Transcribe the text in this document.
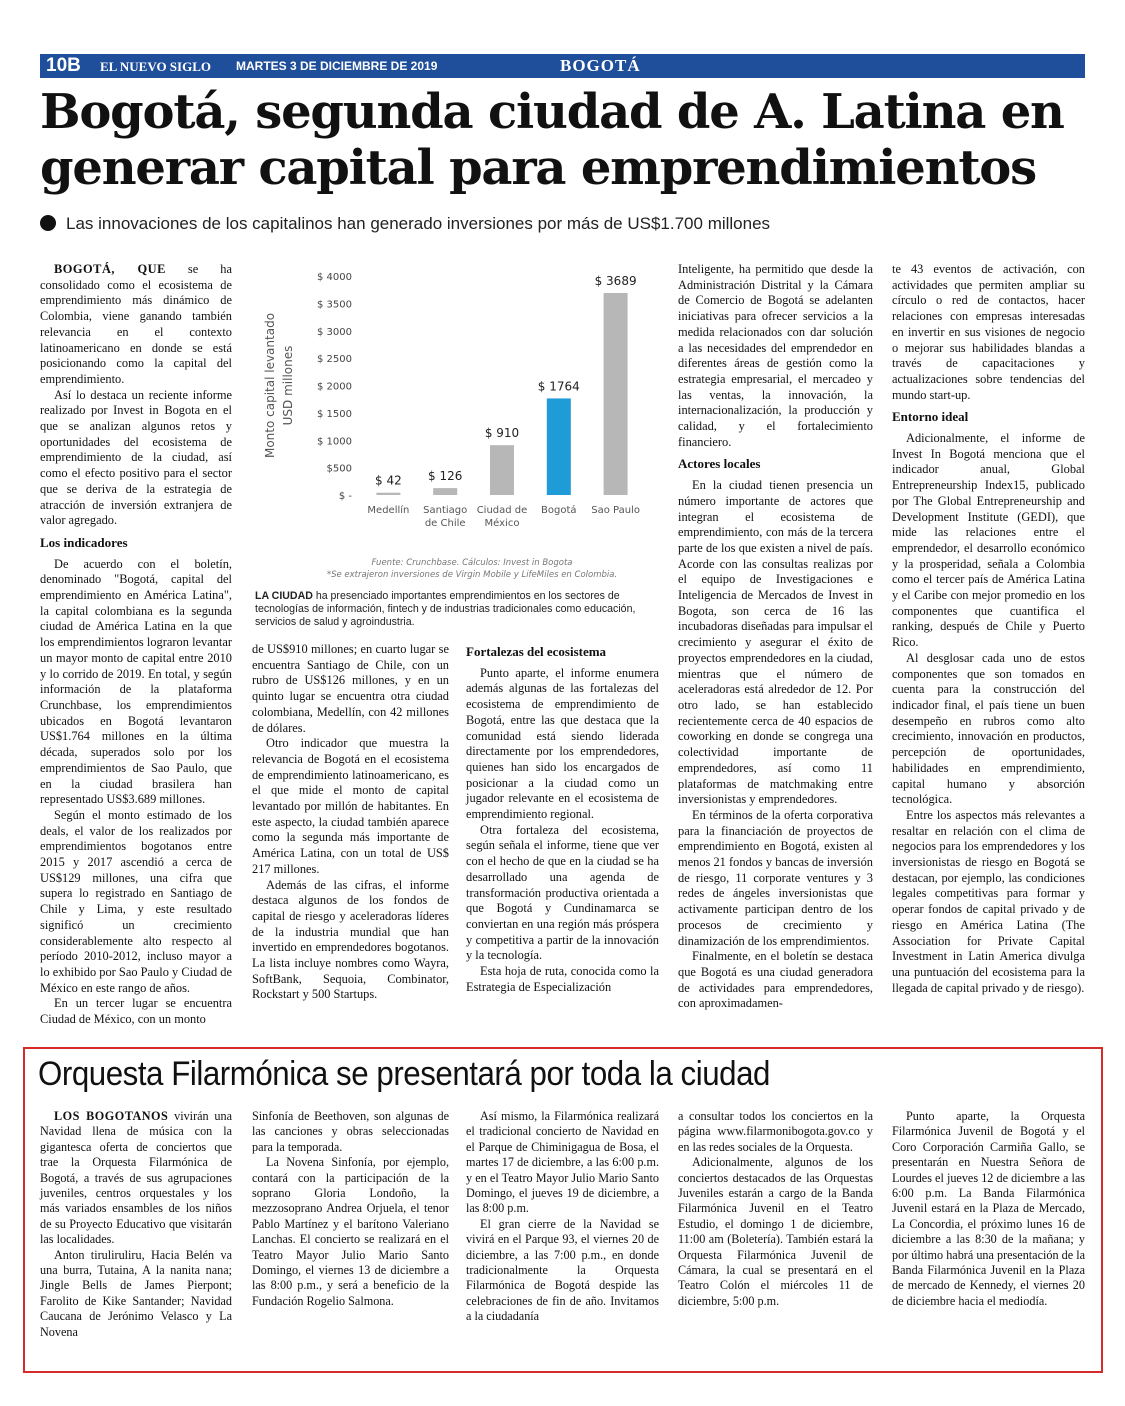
10B EL NUEVO SIGLO MARTES 3 DE DICIEMBRE DE 2019	BOGOTÁ
Bogotá, segunda ciudad de A. Latina en generar capital para emprendimientos
Las innovaciones de los capitalinos han generado inversiones por más de US$1.700 millones

BOGOTÁ, QUE se ha consolidado como el ecosistema de emprendimiento más dinámico de Colombia, viene ganando también relevancia en el contexto latinoamericano en donde se está posicionando como la capital del emprendimiento.

Así lo destaca un reciente informe realizado por Invest in Bogota en el que se analizan algunos retos y oportunidades del ecosistema de emprendimiento de la ciudad, así como el efecto positivo para el sector que se deriva de la estrategia de atracción de inversión extranjera de valor agregado.

Los indicadores

De acuerdo con el boletín, denominado "Bogotá, capital del emprendimiento en América Latina", la capital colombiana es la segunda ciudad de América Latina en la que los emprendimientos lograron levantar un mayor monto de capital entre 2010 y lo corrido de 2019. En total, y según información de la plataforma Crunchbase, los emprendimientos ubicados en Bogotá levantaron US$1.764 millones en la última década, superados solo por los emprendimientos de Sao Paulo, que en la ciudad brasilera han representado US$3.689 millones.

Según el monto estimado de los deals, el valor de los realizados por emprendimientos bogotanos entre 2015 y 2017 ascendió a cerca de US$129 millones, una cifra que supera lo registrado en Santiago de Chile y Lima, y este resultado significó un crecimiento considerablemente alto respecto al período 2010-2012, incluso mayor a lo exhibido por Sao Paulo y Ciudad de México en este rango de años.

En un tercer lugar se encuentra Ciudad de México, con un monto

Monto capital levantado USD millones
$ -
$500
$ 1000
$ 1500
$ 2000
$ 2500
$ 3000
$ 3500
$ 4000
$ 42 $ 126
$ 910
$ 1764
$ 3689
Medellín Santiago
de Chile
Ciudad de
México
Bogotá Sao Paulo
Fuente: Crunchbase. Cálculos: Invest in Bogota
*Se extrajeron inversiones de Virgin Mobile y LifeMiles en Colombia.
LA CIUDAD ha presenciado importantes emprendimientos en los sectores de tecnologías de información, fintech y de industrias tradicionales como educación, servicios de salud y agroindustria.

de US$910 millones; en cuarto lugar se encuentra Santiago de Chile, con un rubro de US$126 millones, y en un quinto lugar se encuentra otra ciudad colombiana, Medellín, con 42 millones de dólares.

Otro indicador que muestra la relevancia de Bogotá en el ecosistema de emprendimiento latinoamericano, es el que mide el monto de capital levantado por millón de habitantes. En este aspecto, la ciudad también aparece como la segunda más importante de América Latina, con un total de US$ 217 millones.

Además de las cifras, el informe destaca algunos de los fondos de capital de riesgo y aceleradoras líderes de la industria mundial que han invertido en emprendedores bogotanos. La lista incluye nombres como Wayra, SoftBank, Sequoia, Combinator, Rockstart y 500 Startups.

Fortalezas del ecosistema

Punto aparte, el informe enumera además algunas de las fortalezas del ecosistema de emprendimiento de Bogotá, entre las que destaca que la comunidad está siendo liderada directamente por los emprendedores, quienes han sido los encargados de posicionar a la ciudad como un jugador relevante en el ecosistema de emprendimiento regional.

Otra fortaleza del ecosistema, según señala el informe, tiene que ver con el hecho de que en la ciudad se ha desarrollado una agenda de transformación productiva orientada a que Bogotá y Cundinamarca se conviertan en una región más próspera y competitiva a partir de la innovación y la tecnología.

Esta hoja de ruta, conocida como la Estrategia de Especialización

Inteligente, ha permitido que desde la Administración Distrital y la Cámara de Comercio de Bogotá se adelanten iniciativas para ofrecer servicios a la medida relacionados con dar solución a las necesidades del emprendedor en diferentes áreas de gestión como la estrategia empresarial, el mercadeo y las ventas, la innovación, la internacionalización, la producción y calidad, y el fortalecimiento financiero.

Actores locales

En la ciudad tienen presencia un número importante de actores que integran el ecosistema de emprendimiento, con más de la tercera parte de los que existen a nivel de país. Acorde con las consultas realizas por el equipo de Investigaciones e Inteligencia de Mercados de Invest in Bogota, son cerca de 16 las incubadoras diseñadas para impulsar el crecimiento y asegurar el éxito de proyectos emprendedores en la ciudad, mientras que el número de aceleradoras está alrededor de 12. Por otro lado, se han establecido recientemente cerca de 40 espacios de coworking en donde se congrega una colectividad importante de emprendedores, así como 11 plataformas de matchmaking entre inversionistas y emprendedores.

En términos de la oferta corporativa para la financiación de proyectos de emprendimiento en Bogotá, existen al menos 21 fondos y bancas de inversión de riesgo, 11 corporate ventures y 3 redes de ángeles inversionistas que activamente participan dentro de los procesos de crecimiento y dinamización de los emprendimientos.

Finalmente, en el boletín se destaca que Bogotá es una ciudad generadora de actividades para emprendedores, con aproximadamen-

te 43 eventos de activación, con actividades que permiten ampliar su círculo o red de contactos, hacer relaciones con empresas interesadas en invertir en sus visiones de negocio o mejorar sus habilidades blandas a través de capacitaciones y actualizaciones sobre tendencias del mundo start-up.

Entorno ideal

Adicionalmente, el informe de Invest In Bogotá menciona que el indicador anual, Global Entrepreneurship Index15, publicado por The Global Entrepreneurship and Development Institute (GEDI), que mide las relaciones entre el emprendedor, el desarrollo económico y la prosperidad, señala a Colombia como el tercer país de América Latina y el Caribe con mejor promedio en los componentes que cuantifica el ranking, después de Chile y Puerto Rico.

Al desglosar cada uno de estos componentes que son tomados en cuenta para la construcción del indicador final, el país tiene un buen desempeño en rubros como alto crecimiento, innovación en productos, percepción de oportunidades, habilidades en emprendimiento, capital humano y absorción tecnológica.

Entre los aspectos más relevantes a resaltar en relación con el clima de negocios para los emprendedores y los inversionistas de riesgo en Bogotá se destacan, por ejemplo, las condiciones legales competitivas para formar y operar fondos de capital privado y de riesgo en América Latina (The Association for Private Capital Investment in Latin America divulga una puntuación del ecosistema para la llegada de capital privado y de riesgo).

Orquesta Filarmónica se presentará por toda la ciudad

LOS BOGOTANOS vivirán una Navidad llena de música con la gigantesca oferta de conciertos que trae la Orquesta Filarmónica de Bogotá, a través de sus agrupaciones juveniles, centros orquestales y los más variados ensambles de los niños de su Proyecto Educativo que visitarán las localidades.

Anton tiruliruliru, Hacia Belén va una burra, Tutaina, A la nanita nana; Jingle Bells de James Pierpont; Farolito de Kike Santander; Navidad Caucana de Jerónimo Velasco y La Novena

Sinfonía de Beethoven, son algunas de las canciones y obras seleccionadas para la temporada.

La Novena Sinfonía, por ejemplo, contará con la participación de la soprano Gloria Londoño, la mezzosoprano Andrea Orjuela, el tenor Pablo Martínez y el barítono Valeriano Lanchas. El concierto se realizará en el Teatro Mayor Julio Mario Santo Domingo, el viernes 13 de diciembre a las 8:00 p.m., y será a beneficio de la Fundación Rogelio Salmona.

Así mismo, la Filarmónica realizará el tradicional concierto de Navidad en el Parque de Chiminigagua de Bosa, el martes 17 de diciembre, a las 6:00 p.m. y en el Teatro Mayor Julio Mario Santo Domingo, el jueves 19 de diciembre, a las 8:00 p.m.

El gran cierre de la Navidad se vivirá en el Parque 93, el viernes 20 de diciembre, a las 7:00 p.m., en donde tradicionalmente la Orquesta Filarmónica de Bogotá despide las celebraciones de fin de año. Invitamos a la ciudadanía

a consultar todos los conciertos en la página www.filarmonibogota.gov.co y en las redes sociales de la Orquesta.

Adicionalmente, algunos de los conciertos destacados de las Orquestas Juveniles estarán a cargo de la Banda Filarmónica Juvenil en el Teatro Estudio, el domingo 1 de diciembre, 11:00 am (Boletería). También estará la Orquesta Filarmónica Juvenil de Cámara, la cual se presentará en el Teatro Colón el miércoles 11 de diciembre, 5:00 p.m.

Punto aparte, la Orquesta Filarmónica Juvenil de Bogotá y el Coro Corporación Carmiña Gallo, se presentarán en Nuestra Señora de Lourdes el jueves 12 de diciembre a las 6:00 p.m. La Banda Filarmónica Juvenil estará en la Plaza de Mercado, La Concordia, el próximo lunes 16 de diciembre a las 8:30 de la mañana; y por último habrá una presentación de la Banda Filarmónica Juvenil en la Plaza de mercado de Kennedy, el viernes 20 de diciembre hacia el mediodía.
